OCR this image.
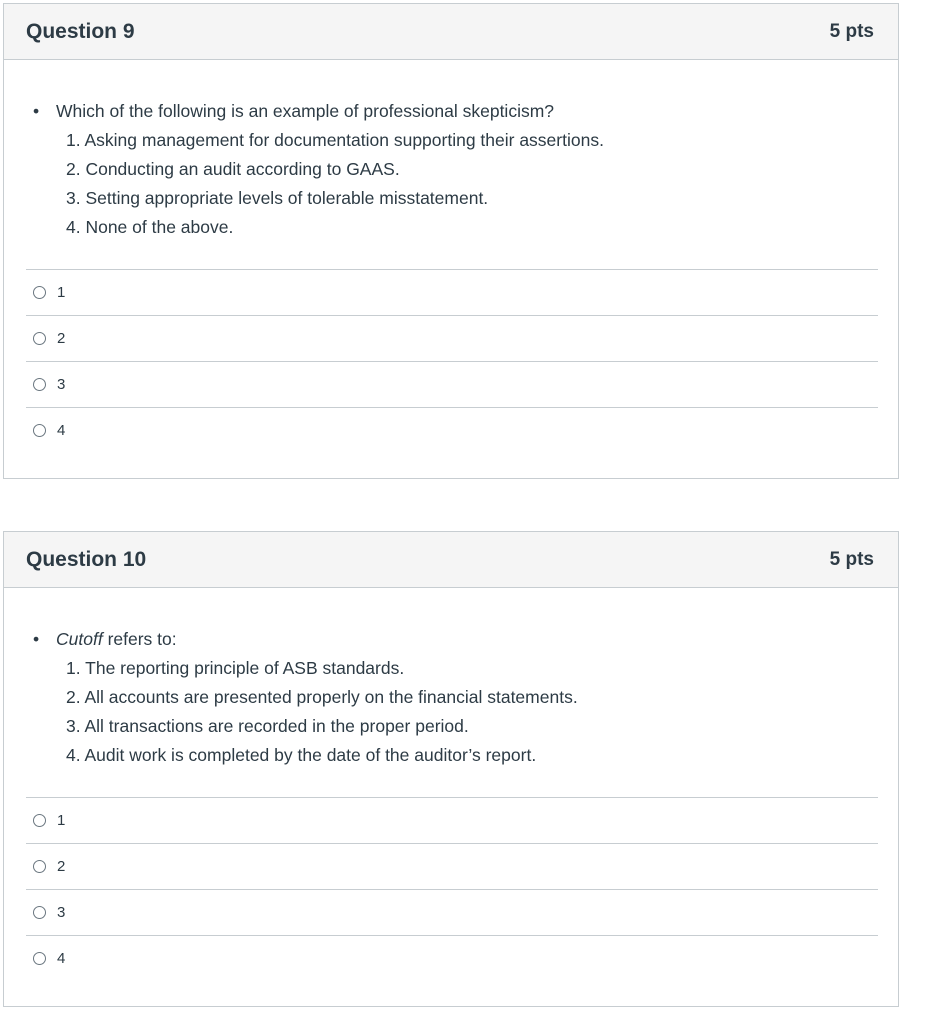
Question 9	5 pts
• Which of the following is an example of professional skepticism?
1. Asking management for documentation supporting their assertions.
2. Conducting an audit according to GAAS.
3. Setting appropriate levels of tolerable misstatement.
4. None of the above.
1
2
3
4
Question 10	5 pts
• Cutoff refers to:
1. The reporting principle of ASB standards.
2. All accounts are presented properly on the financial statements.
3. All transactions are recorded in the proper period.
4. Audit work is completed by the date of the auditor’s report.
1
2
3
4
